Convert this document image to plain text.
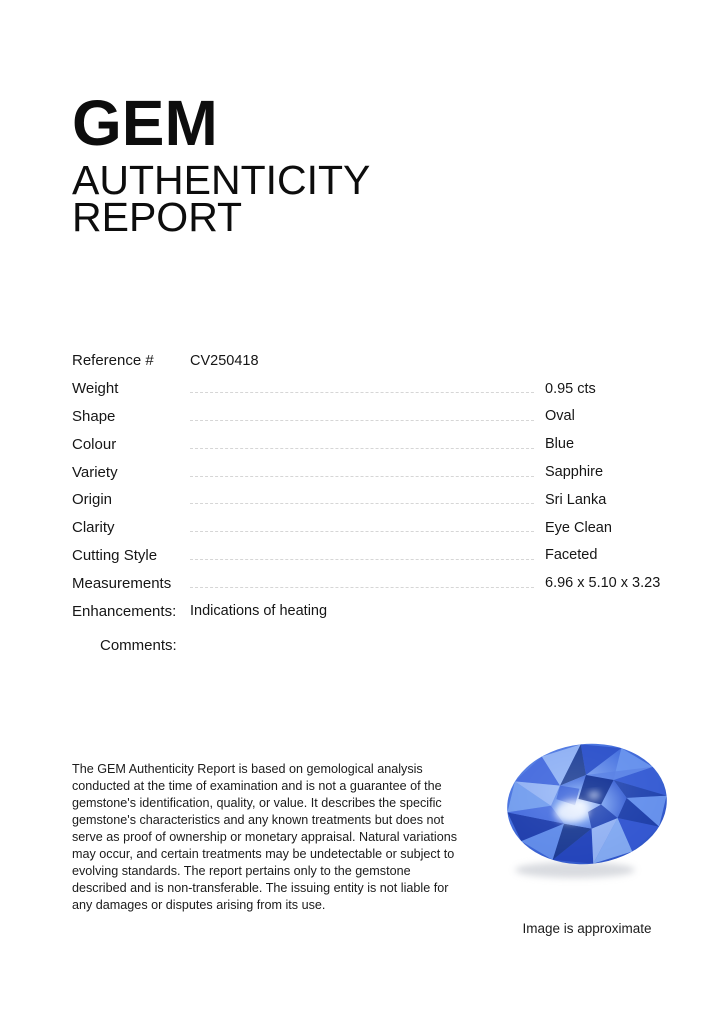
GEM
AUTHENTICITY REPORT
Reference #	CV250418
Weight	0.95 cts
Shape	Oval
Colour	Blue
Variety	Sapphire
Origin	Sri Lanka
Clarity	Eye Clean
Cutting Style	Faceted
Measurements	6.96 x 5.10 x 3.23
Enhancements: Indications of heating
Comments:
The GEM Authenticity Report is based on gemological analysis conducted at the time of examination and is not a guarantee of the gemstone's identification, quality, or value. It describes the specific gemstone's characteristics and any known treatments but does not serve as proof of ownership or monetary appraisal. Natural variations may occur, and certain treatments may be undetectable or subject to evolving standards. The report pertains only to the gemstone described and is non-transferable. The issuing entity is not liable for any damages or disputes arising from its use.
Image is approximate
